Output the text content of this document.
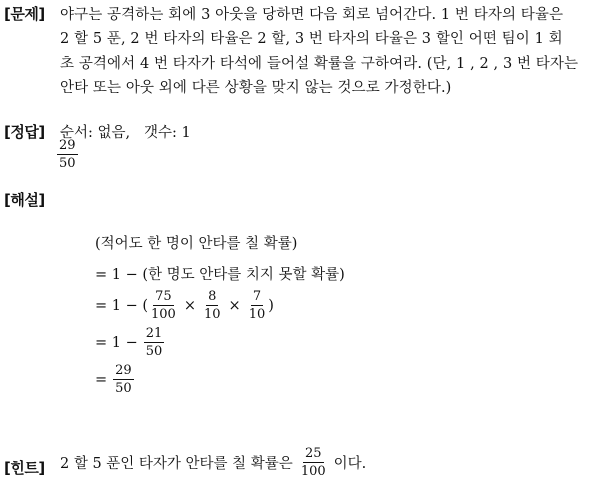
[문제] 야구는 공격하는 회에 3 아웃을 당하면 다음 회로 넘어간다. 1 번 타자의 타율은
2 할 5 푼, 2 번 타자의 타율은 2 할, 3 번 타자의 타율은 3 할인 어떤 팀이 1 회
초 공격에서 4 번 타자가 타석에 들어설 확률을 구하여라. (단, 1 , 2 , 3 번 타자는
안타 또는 아웃 외에 다른 상황을 맞지 않는 것으로 가정한다.)
[정답] 순서: 없음,   갯수: 1
$\frac{29}{50}$
[해설]
(적어도 한 명이 안타를 칠 확률)
= 1 − (한 명도 안타를 치지 못할 확률)
= 1 − ( $\frac{75}{100} \times \frac{8}{10} \times \frac{7}{10}$ )
= $1 - \frac{21}{50}$
= $\frac{29}{50}$
[힌트] 2 할 5 푼인 타자가 안타를 칠 확률은 $\frac{25}{100}$ 이다.
